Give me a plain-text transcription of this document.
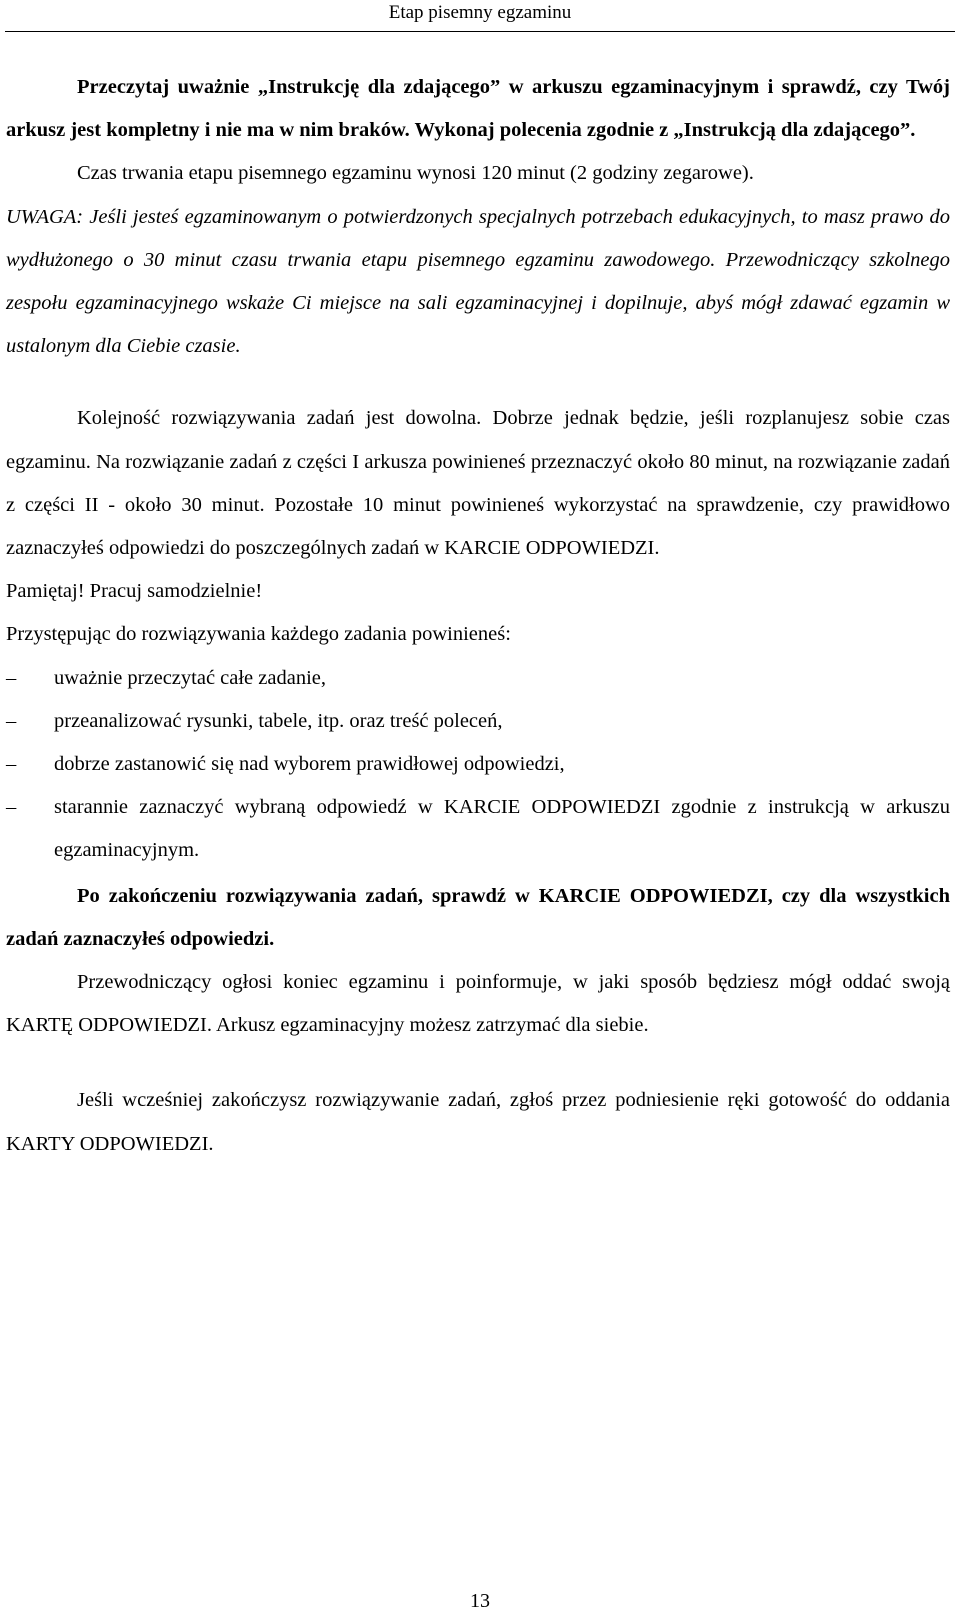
Etap pisemny egzaminu

Przeczytaj uważnie „Instrukcję dla zdającego” w arkuszu egzaminacyjnym i sprawdź, czy Twój arkusz jest kompletny i nie ma w nim braków. Wykonaj polecenia zgodnie z „Instrukcją dla zdającego”.

Czas trwania etapu pisemnego egzaminu wynosi 120 minut (2 godziny zegarowe).

UWAGA: Jeśli jesteś egzaminowanym o potwierdzonych specjalnych potrzebach edukacyjnych, to masz prawo do wydłużonego o 30 minut czasu trwania etapu pisemnego egzaminu zawodowego. Przewodniczący szkolnego zespołu egzaminacyjnego wskaże Ci miejsce na sali egzaminacyjnej i dopilnuje, abyś mógł zdawać egzamin w ustalonym dla Ciebie czasie.

Kolejność rozwiązywania zadań jest dowolna. Dobrze jednak będzie, jeśli rozplanujesz sobie czas egzaminu. Na rozwiązanie zadań z części I arkusza powinieneś przeznaczyć około 80 minut, na rozwiązanie zadań z części II - około 30 minut. Pozostałe 10 minut powinieneś wykorzystać na sprawdzenie, czy prawidłowo zaznaczyłeś odpowiedzi do poszczególnych zadań w KARCIE ODPOWIEDZI.

Pamiętaj! Pracuj samodzielnie!

Przystępując do rozwiązywania każdego zadania powinieneś:

–	uważnie przeczytać całe zadanie,
–	przeanalizować rysunki, tabele, itp. oraz treść poleceń,
–	dobrze zastanowić się nad wyborem prawidłowej odpowiedzi,
–	starannie zaznaczyć wybraną odpowiedź w KARCIE ODPOWIEDZI zgodnie z instrukcją w arkuszu egzaminacyjnym.

Po zakończeniu rozwiązywania zadań, sprawdź w KARCIE ODPOWIEDZI, czy dla wszystkich zadań zaznaczyłeś odpowiedzi.

Przewodniczący ogłosi koniec egzaminu i poinformuje, w jaki sposób będziesz mógł oddać swoją KARTĘ ODPOWIEDZI. Arkusz egzaminacyjny możesz zatrzymać dla siebie.

Jeśli wcześniej zakończysz rozwiązywanie zadań, zgłoś przez podniesienie ręki gotowość do oddania KARTY ODPOWIEDZI.

13
